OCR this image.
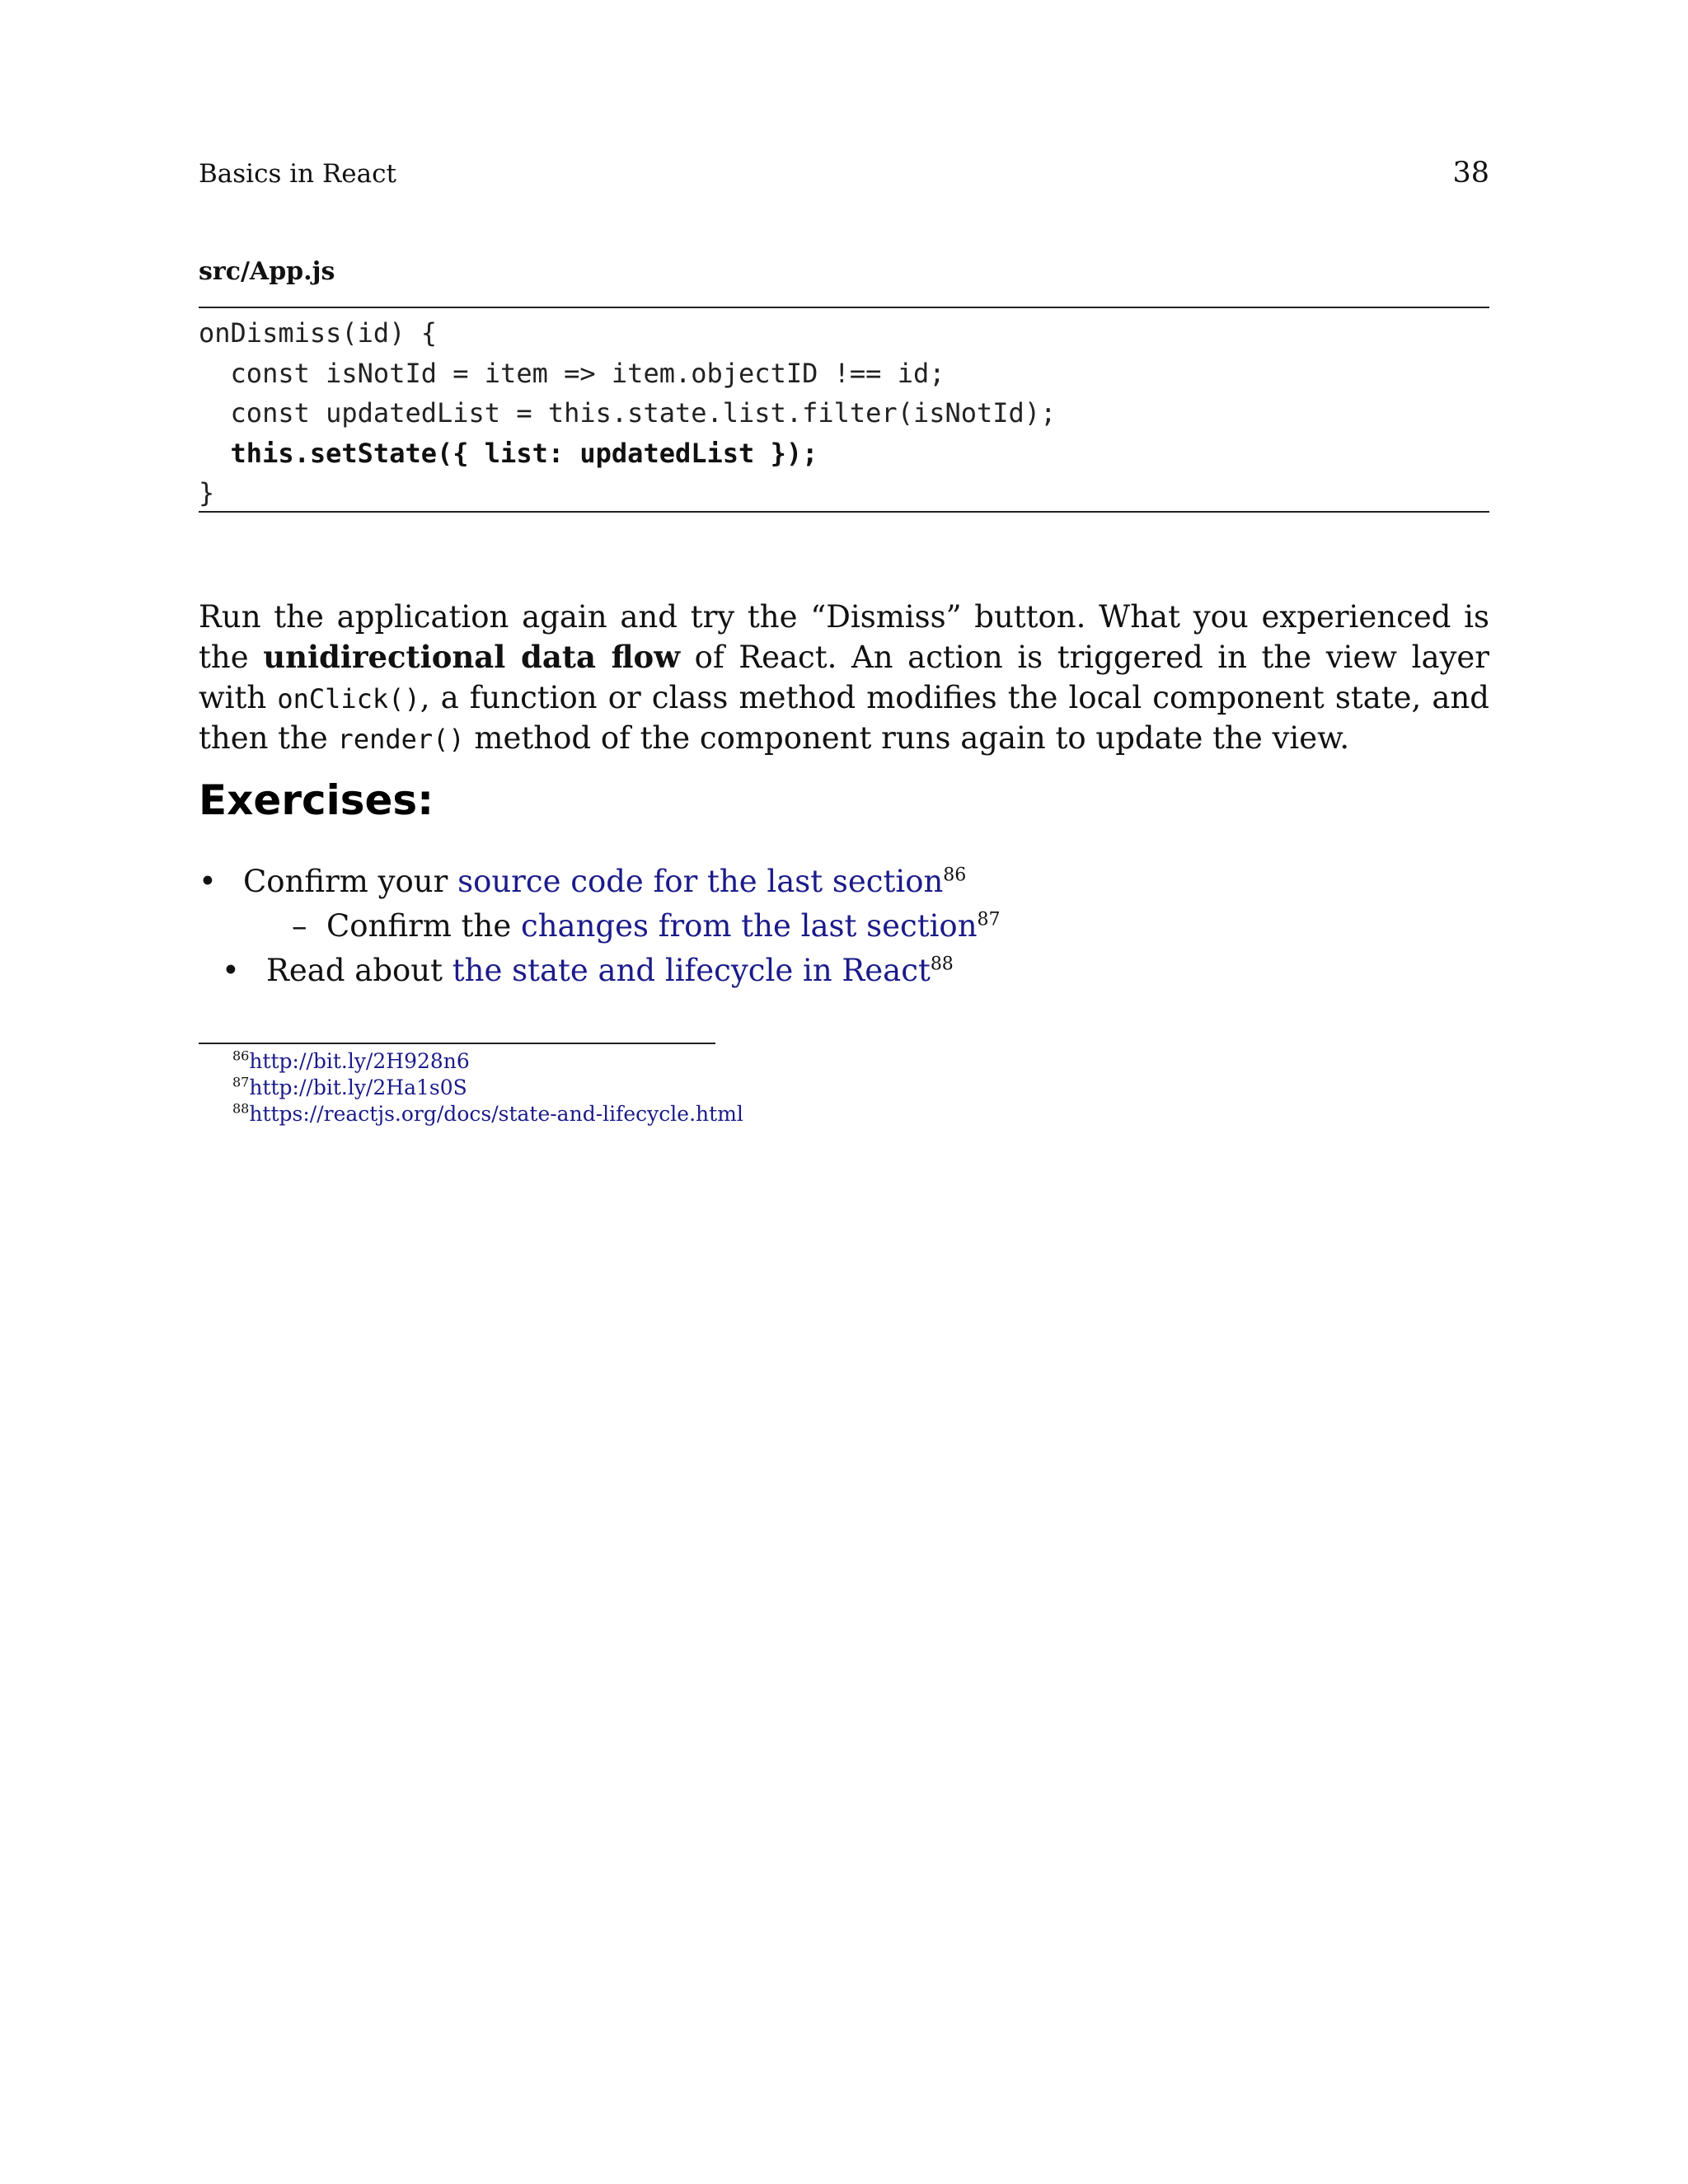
Basics in React	38
src/App.js
onDismiss(id) {
const isNotId = item => item.objectID !== id;
const updatedList = this.state.list.filter(isNotId);
this.setState({ list: updatedList });
}

Run the application again and try the “Dismiss” button. What you experienced is the unidirectional data flow of React. An action is triggered in the view layer with onClick(), a function or class method modifies the local component state, and then the render() method of the component runs again to update the view.

Exercises:
• Confirm your source code for the last section$^{86}$
– Confirm the changes from the last section$^{87}$
• Read about the state and lifecycle in React$^{88}$
$^{86}$http://bit.ly/2H928n6
$^{87}$http://bit.ly/2Ha1s0S
$^{88}$https://reactjs.org/docs/state-and-lifecycle.html
